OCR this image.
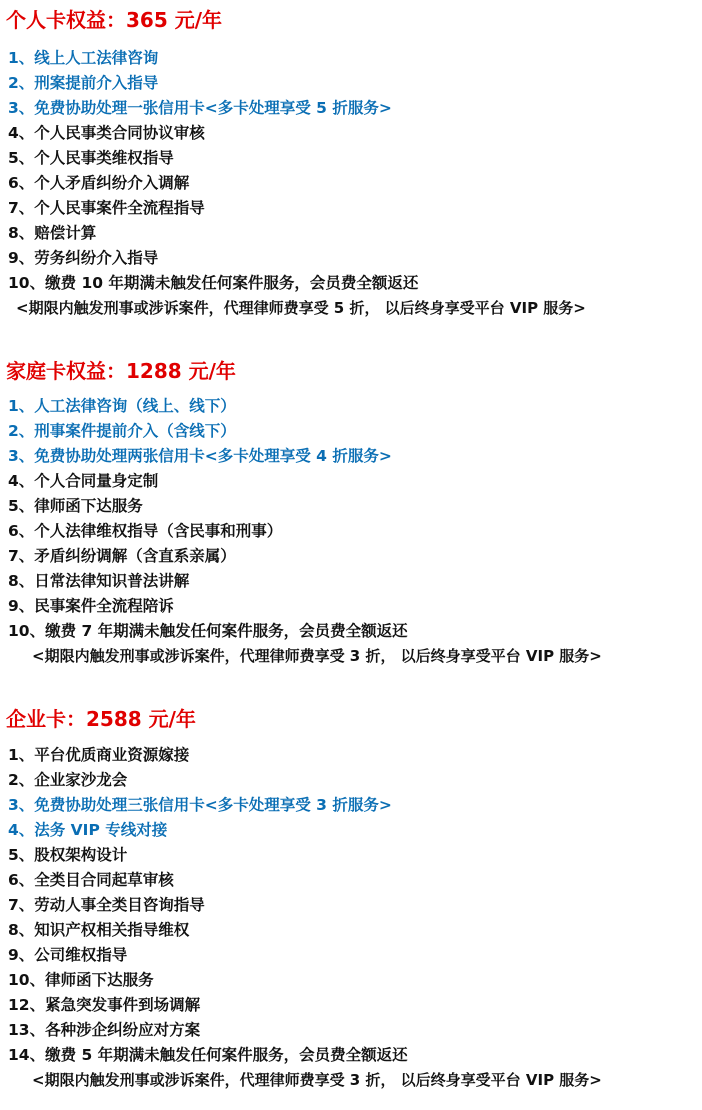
个人卡权益：365 元/年
1、线上人工法律咨询
2、刑案提前介入指导
3、免费协助处理一张信用卡<多卡处理享受 5 折服务>
4、个人民事类合同协议审核
5、个人民事类维权指导
6、个人矛盾纠纷介入调解
7、个人民事案件全流程指导
8、赔偿计算
9、劳务纠纷介入指导
10、缴费 10 年期满未触发任何案件服务，会员费全额返还
<期限内触发刑事或涉诉案件，代理律师费享受 5 折， 以后终身享受平台 VIP 服务>
家庭卡权益：1288 元/年
1、人工法律咨询（线上、线下）
2、刑事案件提前介入（含线下）
3、免费协助处理两张信用卡<多卡处理享受 4 折服务>
4、个人合同量身定制
5、律师函下达服务
6、个人法律维权指导（含民事和刑事）
7、矛盾纠纷调解（含直系亲属）
8、日常法律知识普法讲解
9、民事案件全流程陪诉
10、缴费 7 年期满未触发任何案件服务，会员费全额返还
<期限内触发刑事或涉诉案件，代理律师费享受 3 折， 以后终身享受平台 VIP 服务>
企业卡：2588 元/年
1、平台优质商业资源嫁接
2、企业家沙龙会
3、免费协助处理三张信用卡<多卡处理享受 3 折服务>
4、法务 VIP 专线对接
5、股权架构设计
6、全类目合同起草审核
7、劳动人事全类目咨询指导
8、知识产权相关指导维权
9、公司维权指导
10、律师函下达服务
12、紧急突发事件到场调解
13、各种涉企纠纷应对方案
14、缴费 5 年期满未触发任何案件服务，会员费全额返还
<期限内触发刑事或涉诉案件，代理律师费享受 3 折， 以后终身享受平台 VIP 服务>
